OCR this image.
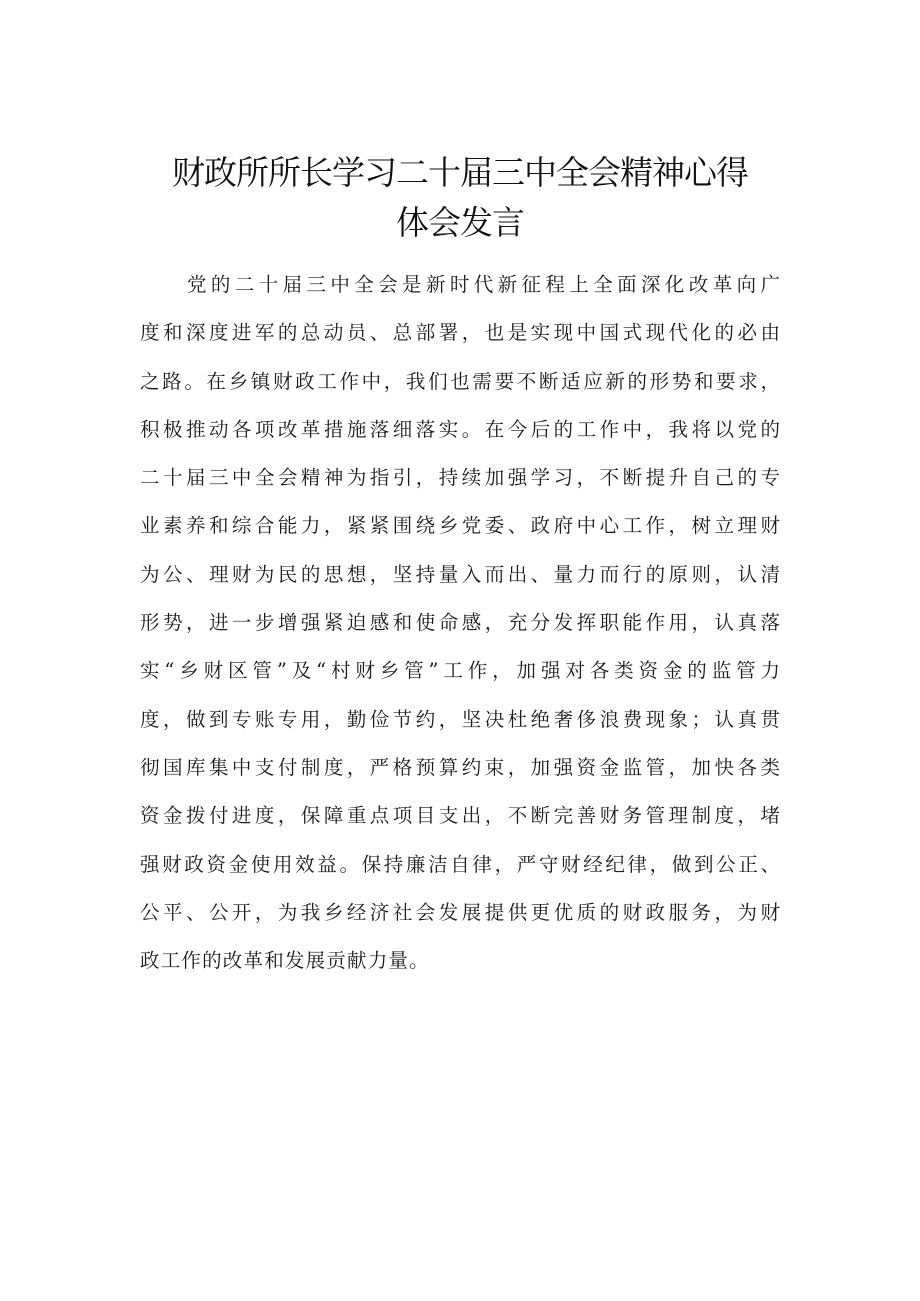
财政所所长学习二十届三中全会精神心得
体会发言
党的二十届三中全会是新时代新征程上全面深化改革向广
度和深度进军的总动员、总部署，也是实现中国式现代化的必由
之路。在乡镇财政工作中，我们也需要不断适应新的形势和要求，
积极推动各项改革措施落细落实。在今后的工作中，我将以党的
二十届三中全会精神为指引，持续加强学习，不断提升自己的专
业素养和综合能力，紧紧围绕乡党委、政府中心工作，树立理财
为公、理财为民的思想，坚持量入而出、量力而行的原则，认清
形势，进一步增强紧迫感和使命感，充分发挥职能作用，认真落
实“乡财区管”及“村财乡管”工作，加强对各类资金的监管力
度，做到专账专用，勤俭节约，坚决杜绝奢侈浪费现象；认真贯
彻国库集中支付制度，严格预算约束，加强资金监管，加快各类
资金拨付进度，保障重点项目支出，不断完善财务管理制度，堵
强财政资金使用效益。保持廉洁自律，严守财经纪律，做到公正、
公平、公开，为我乡经济社会发展提供更优质的财政服务，为财
政工作的改革和发展贡献力量。
